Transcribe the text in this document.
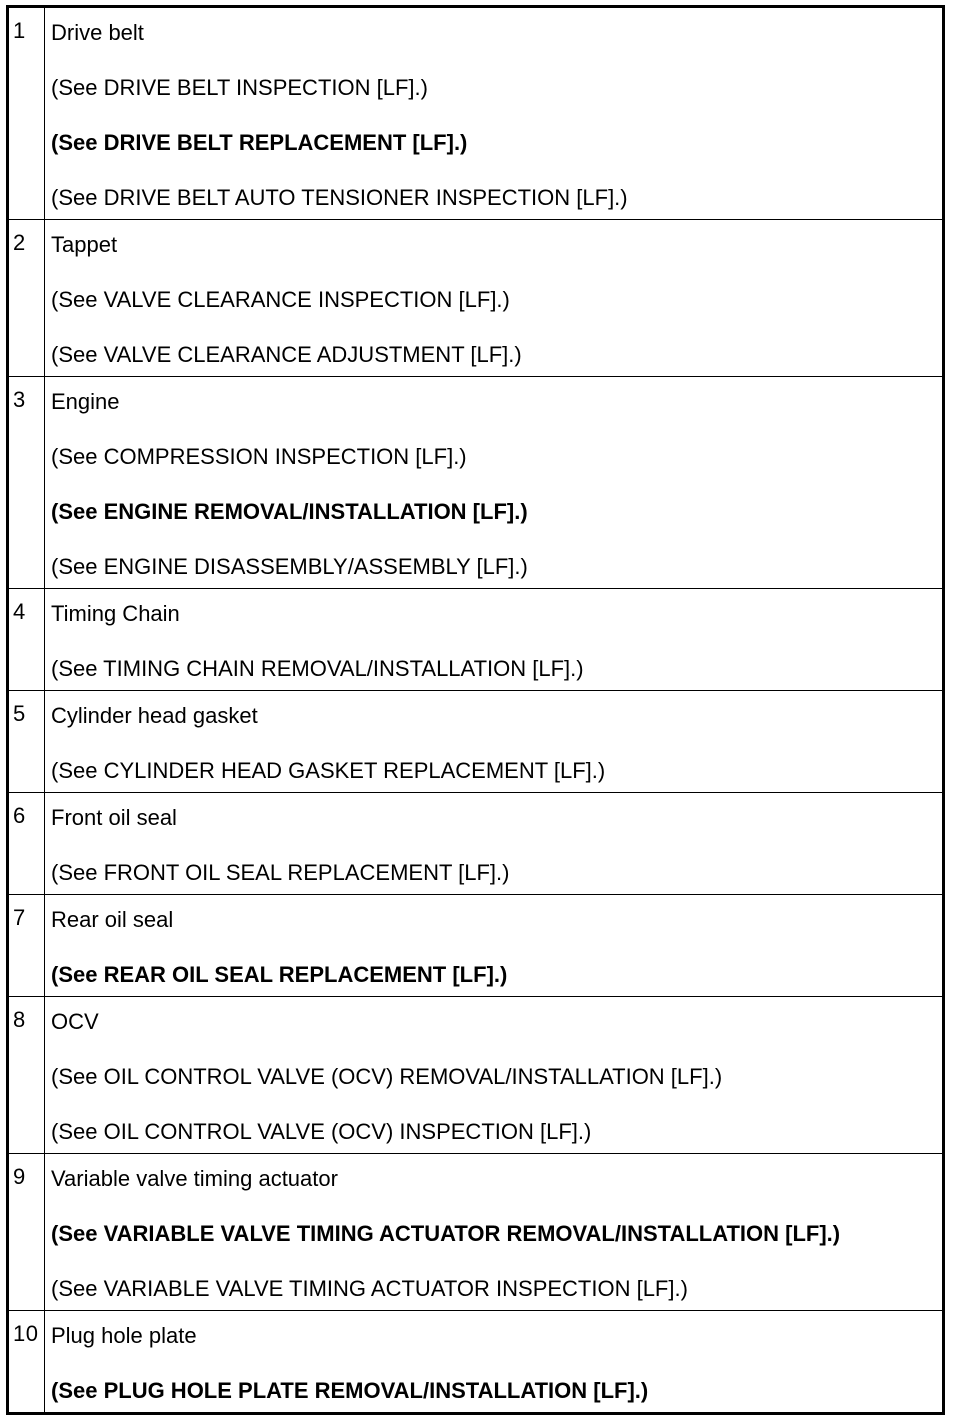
1	Drive belt
(See DRIVE BELT INSPECTION [LF].)
(See DRIVE BELT REPLACEMENT [LF].)
(See DRIVE BELT AUTO TENSIONER INSPECTION [LF].)

2	Tappet
(See VALVE CLEARANCE INSPECTION [LF].)
(See VALVE CLEARANCE ADJUSTMENT [LF].)

3	Engine
(See COMPRESSION INSPECTION [LF].)
(See ENGINE REMOVAL/INSTALLATION [LF].)
(See ENGINE DISASSEMBLY/ASSEMBLY [LF].)

4	Timing Chain
(See TIMING CHAIN REMOVAL/INSTALLATION [LF].)

5	Cylinder head gasket
(See CYLINDER HEAD GASKET REPLACEMENT [LF].)

6	Front oil seal
(See FRONT OIL SEAL REPLACEMENT [LF].)

7	Rear oil seal
(See REAR OIL SEAL REPLACEMENT [LF].)

8	OCV
(See OIL CONTROL VALVE (OCV) REMOVAL/INSTALLATION [LF].)
(See OIL CONTROL VALVE (OCV) INSPECTION [LF].)

9	Variable valve timing actuator
(See VARIABLE VALVE TIMING ACTUATOR REMOVAL/INSTALLATION [LF].)
(See VARIABLE VALVE TIMING ACTUATOR INSPECTION [LF].)

10	Plug hole plate
(See PLUG HOLE PLATE REMOVAL/INSTALLATION [LF].)
